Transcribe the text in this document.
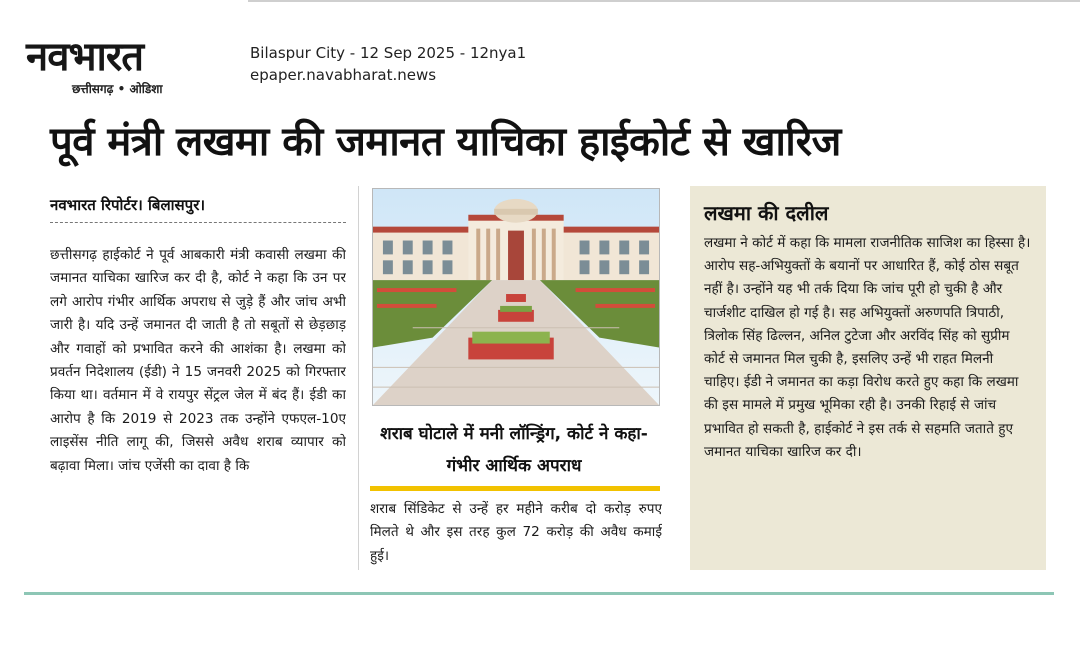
नवभारत
छत्तीसगढ़ • ओडिशा
Bilaspur City - 12 Sep 2025 - 12nya1
epaper.navabharat.news
पूर्व मंत्री लखमा की जमानत याचिका हाईकोर्ट से खारिज
नवभारत रिपोर्टर। बिलासपुर।
छत्तीसगढ़ हाईकोर्ट ने पूर्व आबकारी मंत्री कवासी लखमा की जमानत याचिका खारिज कर दी है, कोर्ट ने कहा कि उन पर लगे आरोप गंभीर आर्थिक अपराध से जुड़े हैं और जांच अभी जारी है। यदि उन्हें जमानत दी जाती है तो सबूतों से छेड़छाड़ और गवाहों को प्रभावित करने की आशंका है। लखमा को प्रवर्तन निदेशालय (ईडी) ने 15 जनवरी 2025 को गिरफ्तार किया था। वर्तमान में वे रायपुर सेंट्रल जेल में बंद हैं। ईडी का आरोप है कि 2019 से 2023 तक उन्होंने एफएल-10ए लाइसेंस नीति लागू की, जिससे अवैध शराब व्यापार को बढ़ावा मिला। जांच एजेंसी का दावा है कि
शराब घोटाले में मनी लॉन्ड्रिंग, कोर्ट ने कहा- गंभीर आर्थिक अपराध
शराब सिंडिकेट से उन्हें हर महीने करीब दो करोड़ रुपए मिलते थे और इस तरह कुल 72 करोड़ की अवैध कमाई हुई।
लखमा की दलील
लखमा ने कोर्ट में कहा कि मामला राजनीतिक साजिश का हिस्सा है। आरोप सह-अभियुक्तों के बयानों पर आधारित हैं, कोई ठोस सबूत नहीं है। उन्होंने यह भी तर्क दिया कि जांच पूरी हो चुकी है और चार्जशीट दाखिल हो गई है। सह अभियुक्तों अरुणपति त्रिपाठी, त्रिलोक सिंह ढिल्लन, अनिल टुटेजा और अरविंद सिंह को सुप्रीम कोर्ट से जमानत मिल चुकी है, इसलिए उन्हें भी राहत मिलनी चाहिए। ईडी ने जमानत का कड़ा विरोध करते हुए कहा कि लखमा की इस मामले में प्रमुख भूमिका रही है। उनकी रिहाई से जांच प्रभावित हो सकती है, हाईकोर्ट ने इस तर्क से सहमति जताते हुए जमानत याचिका खारिज कर दी।
